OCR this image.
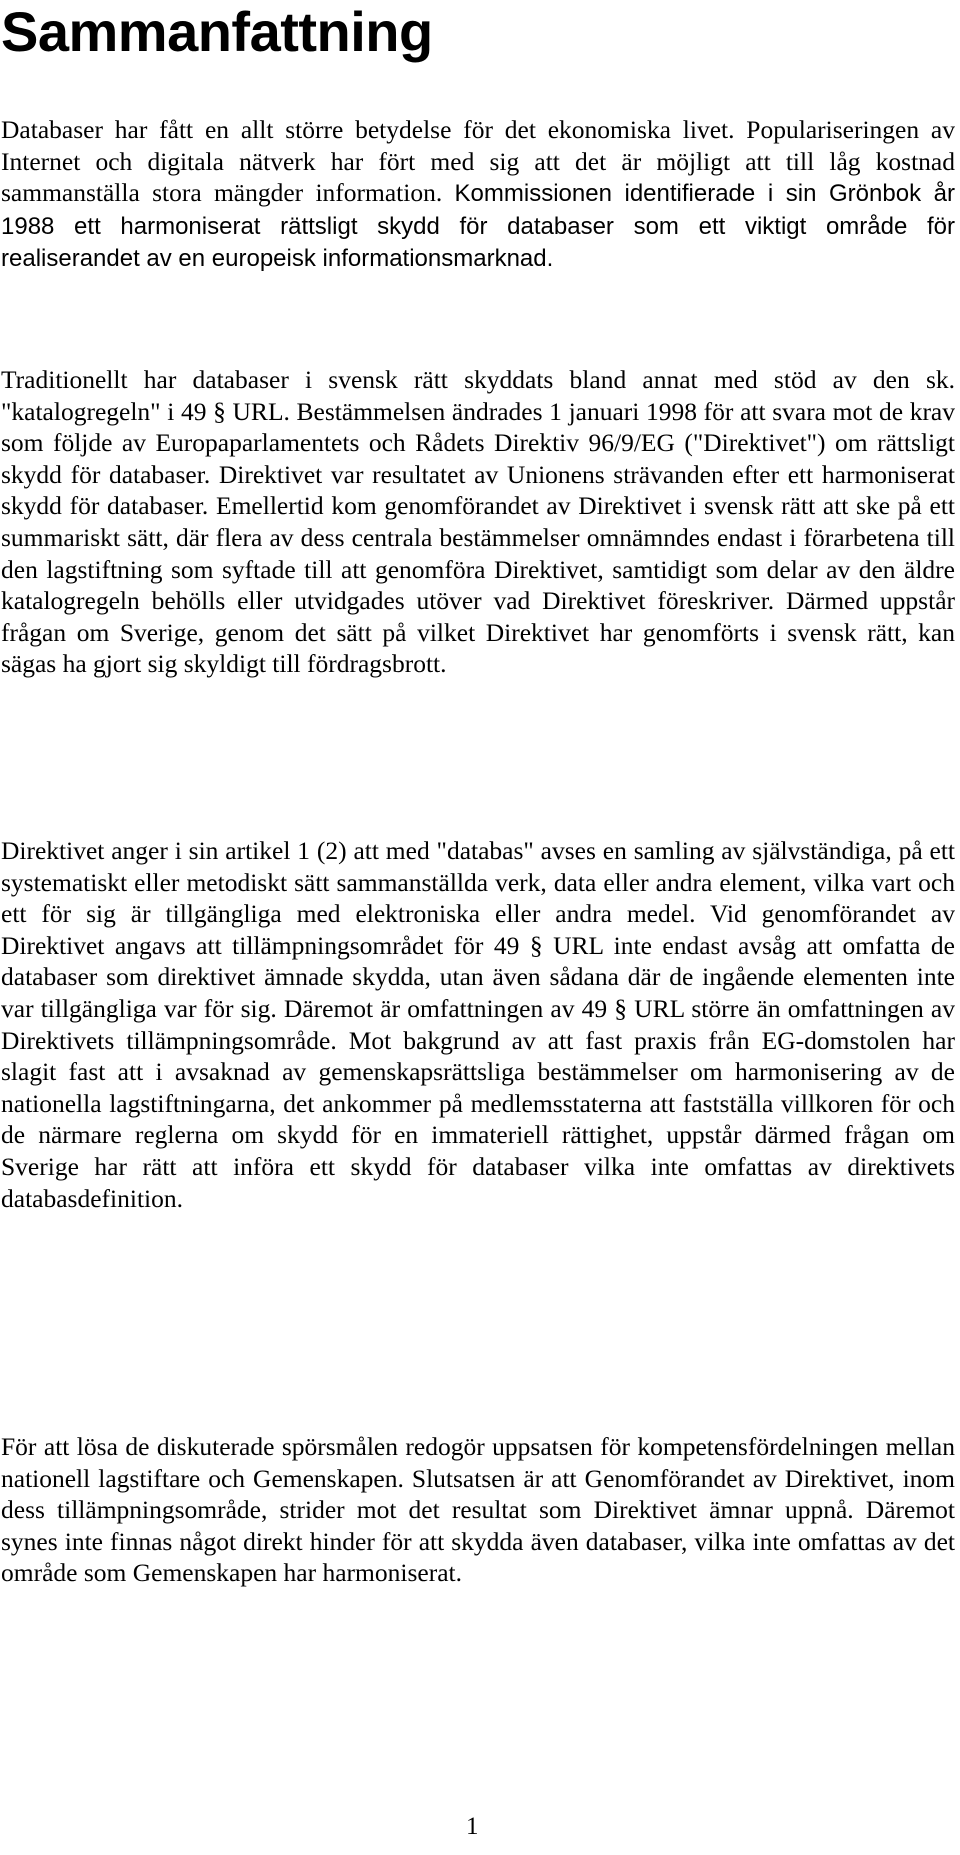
Sammanfattning

Databaser har fått en allt större betydelse för det ekonomiska livet. Populariseringen av Internet och digitala nätverk har fört med sig att det är möjligt att till låg kostnad sammanställa stora mängder information. Kommissionen identifierade i sin Grönbok år 1988 ett harmoniserat rättsligt skydd för databaser som ett viktigt område för realiserandet av en europeisk informationsmarknad.

Traditionellt har databaser i svensk rätt skyddats bland annat med stöd av den sk. "katalogregeln" i 49 § URL. Bestämmelsen ändrades 1 januari 1998 för att svara mot de krav som följde av Europaparlamentets och Rådets Direktiv 96/9/EG ("Direktivet") om rättsligt skydd för databaser. Direktivet var resultatet av Unionens strävanden efter ett harmoniserat skydd för databaser. Emellertid kom genomförandet av Direktivet i svensk rätt att ske på ett summariskt sätt, där flera av dess centrala bestämmelser omnämndes endast i förarbetena till den lagstiftning som syftade till att genomföra Direktivet, samtidigt som delar av den äldre katalogregeln behölls eller utvidgades utöver vad Direktivet föreskriver. Därmed uppstår frågan om Sverige, genom det sätt på vilket Direktivet har genomförts i svensk rätt, kan sägas ha gjort sig skyldigt till fördragsbrott.

Direktivet anger i sin artikel 1 (2) att med "databas" avses en samling av självständiga, på ett systematiskt eller metodiskt sätt sammanställda verk, data eller andra element, vilka vart och ett för sig är tillgängliga med elektroniska eller andra medel. Vid genomförandet av Direktivet angavs att tillämpningsområdet för 49 § URL inte endast avsåg att omfatta de databaser som direktivet ämnade skydda, utan även sådana där de ingående elementen inte var tillgängliga var för sig. Däremot är omfattningen av 49 § URL större än omfattningen av Direktivets tillämpningsområde. Mot bakgrund av att fast praxis från EG-domstolen har slagit fast att i avsaknad av gemenskapsrättsliga bestämmelser om harmonisering av de nationella lagstiftningarna, det ankommer på medlemsstaterna att fastställa villkoren för och de närmare reglerna om skydd för en immateriell rättighet, uppstår därmed frågan om Sverige har rätt att införa ett skydd för databaser vilka inte omfattas av direktivets databasdefinition.

För att lösa de diskuterade spörsmålen redogör uppsatsen för kompetensfördelningen mellan nationell lagstiftare och Gemenskapen. Slutsatsen är att Genomförandet av Direktivet, inom dess tillämpningsområde, strider mot det resultat som Direktivet ämnar uppnå. Däremot synes inte finnas något direkt hinder för att skydda även databaser, vilka inte omfattas av det område som Gemenskapen har harmoniserat.

1
